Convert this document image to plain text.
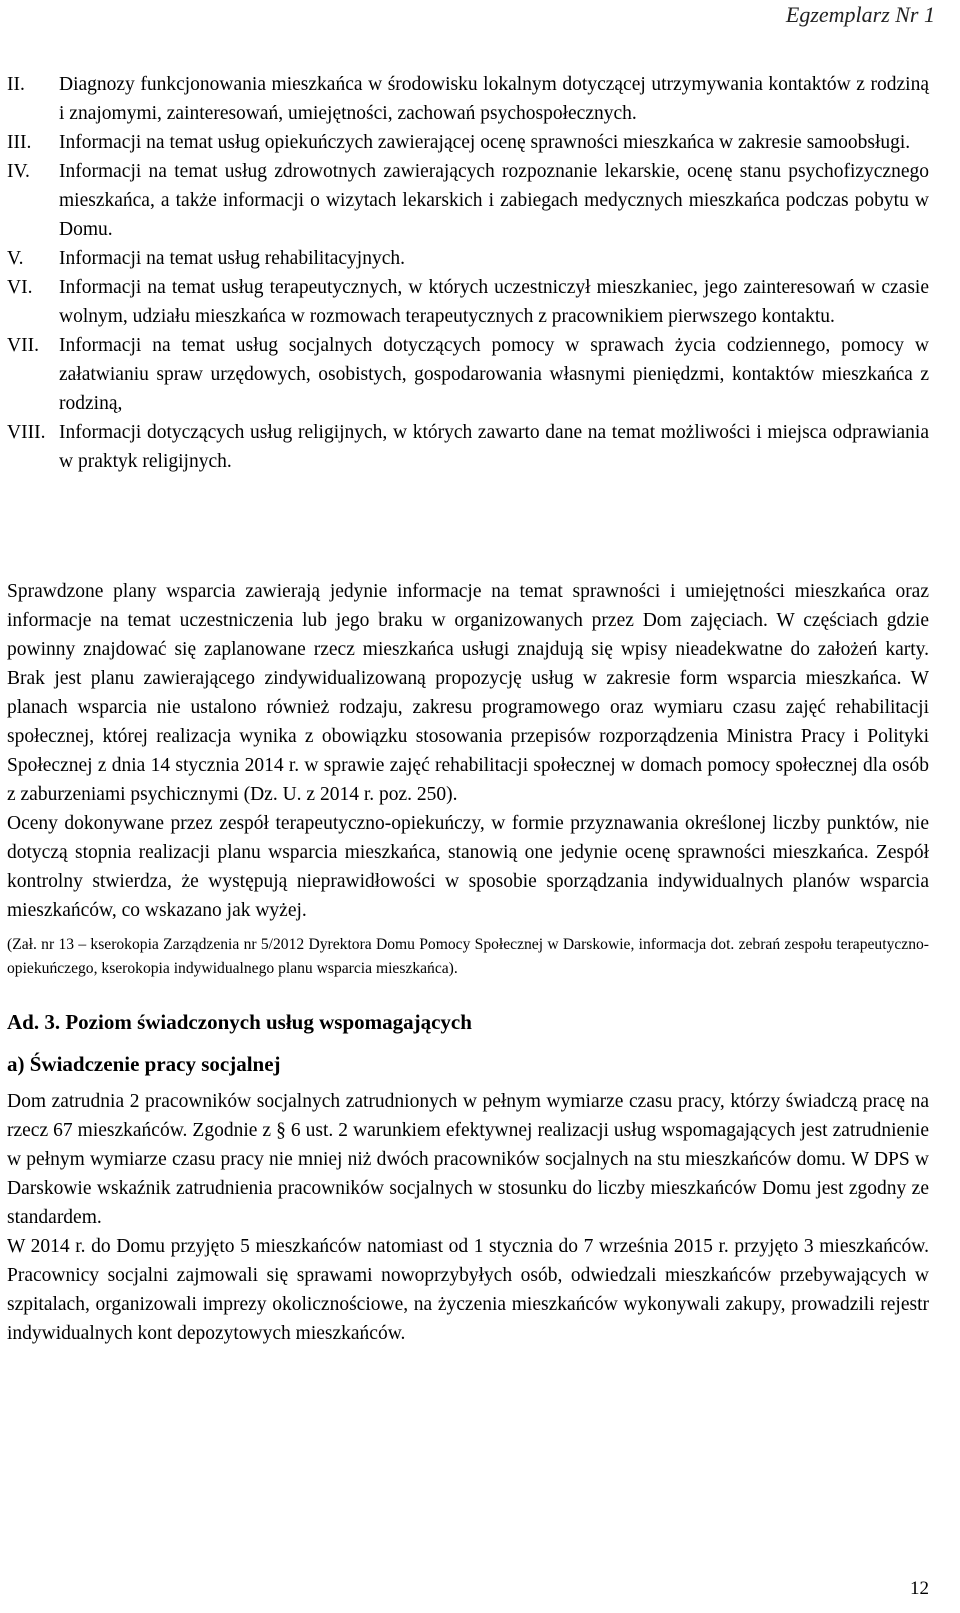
Egzemplarz Nr 1
II.	Diagnozy funkcjonowania mieszkańca w środowisku lokalnym dotyczącej utrzymywania kontaktów z rodziną i znajomymi, zainteresowań, umiejętności, zachowań psychospołecznych.
III.	Informacji na temat usług opiekuńczych zawierającej ocenę sprawności mieszkańca w zakresie samoobsługi.
IV.	Informacji na temat usług zdrowotnych zawierających rozpoznanie lekarskie, ocenę stanu psychofizycznego mieszkańca, a także informacji o wizytach lekarskich i zabiegach medycznych mieszkańca podczas pobytu w Domu.
V.	Informacji na temat usług rehabilitacyjnych.
VI.	Informacji na temat usług terapeutycznych, w których uczestniczył mieszkaniec, jego zainteresowań w czasie wolnym, udziału mieszkańca w rozmowach terapeutycznych z pracownikiem pierwszego kontaktu.
VII.	Informacji na temat usług socjalnych dotyczących pomocy w sprawach życia codziennego, pomocy w załatwianiu spraw urzędowych, osobistych, gospodarowania własnymi pieniędzmi, kontaktów mieszkańca z rodziną,
VIII. Informacji dotyczących usług religijnych, w których zawarto dane na temat możliwości i miejsca odprawiania w praktyk religijnych.

Sprawdzone plany wsparcia zawierają jedynie informacje na temat sprawności i umiejętności mieszkańca oraz informacje na temat uczestniczenia lub jego braku w organizowanych przez Dom zajęciach. W częściach gdzie powinny znajdować się zaplanowane rzecz mieszkańca usługi znajdują się wpisy nieadekwatne do założeń karty. Brak jest planu zawierającego zindywidualizowaną propozycję usług w zakresie form wsparcia mieszkańca. W planach wsparcia nie ustalono również rodzaju, zakresu programowego oraz wymiaru czasu zajęć rehabilitacji społecznej, której realizacja wynika z obowiązku stosowania przepisów rozporządzenia Ministra Pracy i Polityki Społecznej z dnia 14 stycznia 2014 r. w sprawie zajęć rehabilitacji społecznej w domach pomocy społecznej dla osób z zaburzeniami psychicznymi (Dz. U. z 2014 r. poz. 250).

Oceny dokonywane przez zespół terapeutyczno-opiekuńczy, w formie przyznawania określonej liczby punktów, nie dotyczą stopnia realizacji planu wsparcia mieszkańca, stanowią one jedynie ocenę sprawności mieszkańca. Zespół kontrolny stwierdza, że występują nieprawidłowości w sposobie sporządzania indywidualnych planów wsparcia mieszkańców, co wskazano jak wyżej.

(Zał. nr 13 – kserokopia Zarządzenia nr 5/2012 Dyrektora Domu Pomocy Społecznej w Darskowie, informacja dot. zebrań zespołu terapeutyczno-opiekuńczego, kserokopia indywidualnego planu wsparcia mieszkańca).

Ad. 3. Poziom świadczonych usług wspomagających

a) Świadczenie pracy socjalnej

Dom zatrudnia 2 pracowników socjalnych zatrudnionych w pełnym wymiarze czasu pracy, którzy świadczą pracę na rzecz 67 mieszkańców. Zgodnie z § 6 ust. 2 warunkiem efektywnej realizacji usług wspomagających jest zatrudnienie w pełnym wymiarze czasu pracy nie mniej niż dwóch pracowników socjalnych na stu mieszkańców domu. W DPS w Darskowie wskaźnik zatrudnienia pracowników socjalnych w stosunku do liczby mieszkańców Domu jest zgodny ze standardem.

W 2014 r. do Domu przyjęto 5 mieszkańców natomiast od 1 stycznia do 7 września 2015 r. przyjęto 3 mieszkańców. Pracownicy socjalni zajmowali się sprawami nowoprzybyłych osób, odwiedzali mieszkańców przebywających w szpitalach, organizowali imprezy okolicznościowe, na życzenia mieszkańców wykonywali zakupy, prowadzili rejestr indywidualnych kont depozytowych mieszkańców.

12
